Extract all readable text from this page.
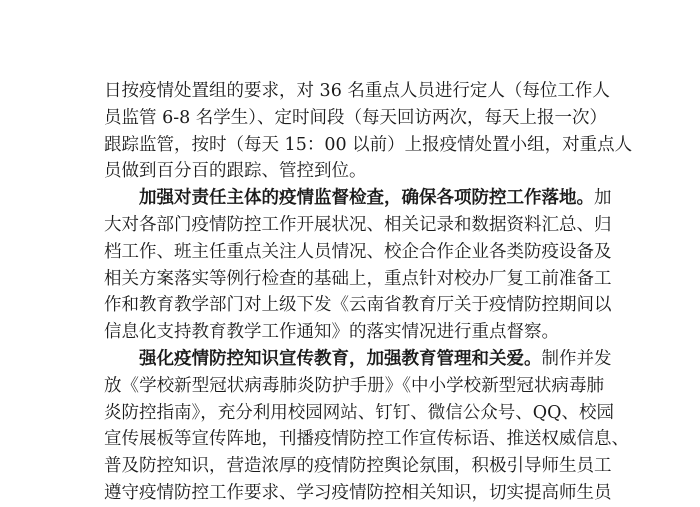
日按疫情处置组的要求，对 36 名重点人员进行定人（每位工作人
员监管 6-8 名学生）、定时间段（每天回访两次，每天上报一次）
跟踪监管，按时（每天 15：00 以前）上报疫情处置小组，对重点人
员做到百分百的跟踪、管控到位。
加强对责任主体的疫情监督检查，确保各项防控工作落地。加
大对各部门疫情防控工作开展状况、相关记录和数据资料汇总、归
档工作、班主任重点关注人员情况、校企合作企业各类防疫设备及
相关方案落实等例行检查的基础上，重点针对校办厂复工前准备工
作和教育教学部门对上级下发《云南省教育厅关于疫情防控期间以
信息化支持教育教学工作通知》的落实情况进行重点督察。
强化疫情防控知识宣传教育，加强教育管理和关爱。制作并发
放《学校新型冠状病毒肺炎防护手册》《中小学校新型冠状病毒肺
炎防控指南》，充分利用校园网站、钉钉、微信公众号、QQ、校园
宣传展板等宣传阵地，刊播疫情防控工作宣传标语、推送权威信息、
普及防控知识，营造浓厚的疫情防控舆论氛围，积极引导师生员工
遵守疫情防控工作要求、学习疫情防控相关知识，切实提高师生员
